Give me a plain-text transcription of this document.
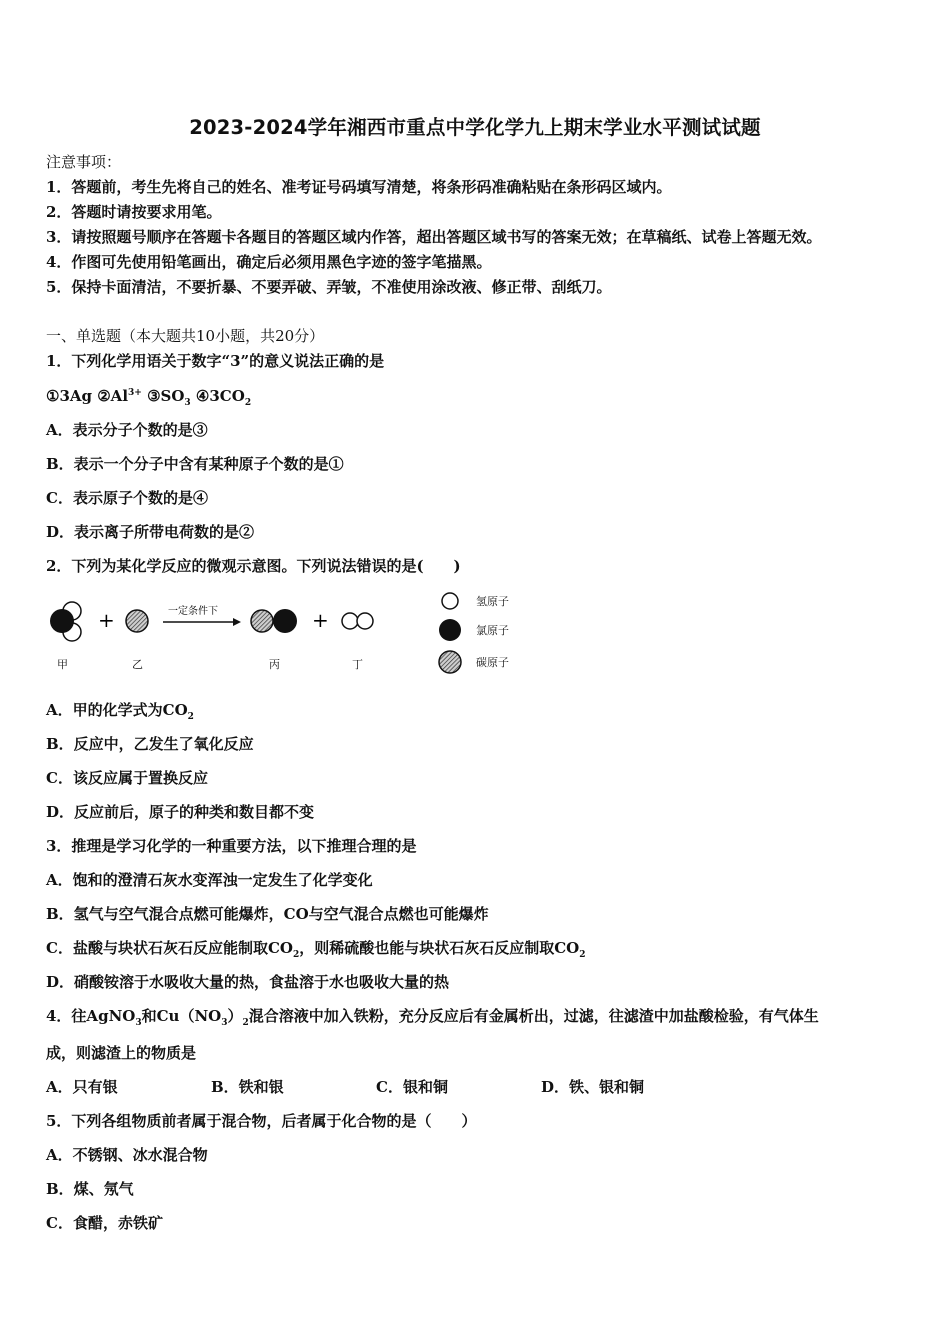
2023-2024学年湘西市重点中学化学九上期末学业水平测试试题
注意事项：
1．答题前，考生先将自己的姓名、准考证号码填写清楚，将条形码准确粘贴在条形码区域内。
2．答题时请按要求用笔。
3．请按照题号顺序在答题卡各题目的答题区域内作答，超出答题区域书写的答案无效；在草稿纸、试卷上答题无效。
4．作图可先使用铅笔画出，确定后必须用黑色字迹的签字笔描黑。
5．保持卡面清洁，不要折暴、不要弄破、弄皱，不准使用涂改液、修正带、刮纸刀。
一、单选题（本大题共10小题，共20分）
1．下列化学用语关于数字“3”的意义说法正确的是
①3Ag $②Al^{3+}$ $③SO_3$ $④3CO_2$
A．表示分子个数的是③
B．表示一个分子中含有某种原子个数的是①
C．表示原子个数的是④
D．表示离子所带电荷数的是②
2．下列为某化学反应的微观示意图。下列说法错误的是(　　)
+	一定条件下	+
甲	乙	丙	丁
氢原子
氯原子
碳原子
A．甲的化学式为$CO_2$
B．反应中，乙发生了氧化反应
C．该反应属于置换反应
D．反应前后，原子的种类和数目都不变
3．推理是学习化学的一种重要方法，以下推理合理的是
A．饱和的澄清石灰水变浑浊一定发生了化学变化
B．氢气与空气混合点燃可能爆炸，CO与空气混合点燃也可能爆炸
C．盐酸与块状石灰石反应能制取$CO_2$，则稀硫酸也能与块状石灰石反应制取$CO_2$
D．硝酸铵溶于水吸收大量的热，食盐溶于水也吸收大量的热
4．往AgNO$_3$和$Cu(NO_3)_2$混合溶液中加入铁粉，充分反应后有金属析出，过滤，往滤渣中加盐酸检验，有气体生
成，则滤渣上的物质是
A．只有银	B．铁和银	C．银和铜	D．铁、银和铜
5．下列各组物质前者属于混合物，后者属于化合物的是（　　）
A．不锈钢、冰水混合物
B．煤、氖气
C．食醋，赤铁矿
